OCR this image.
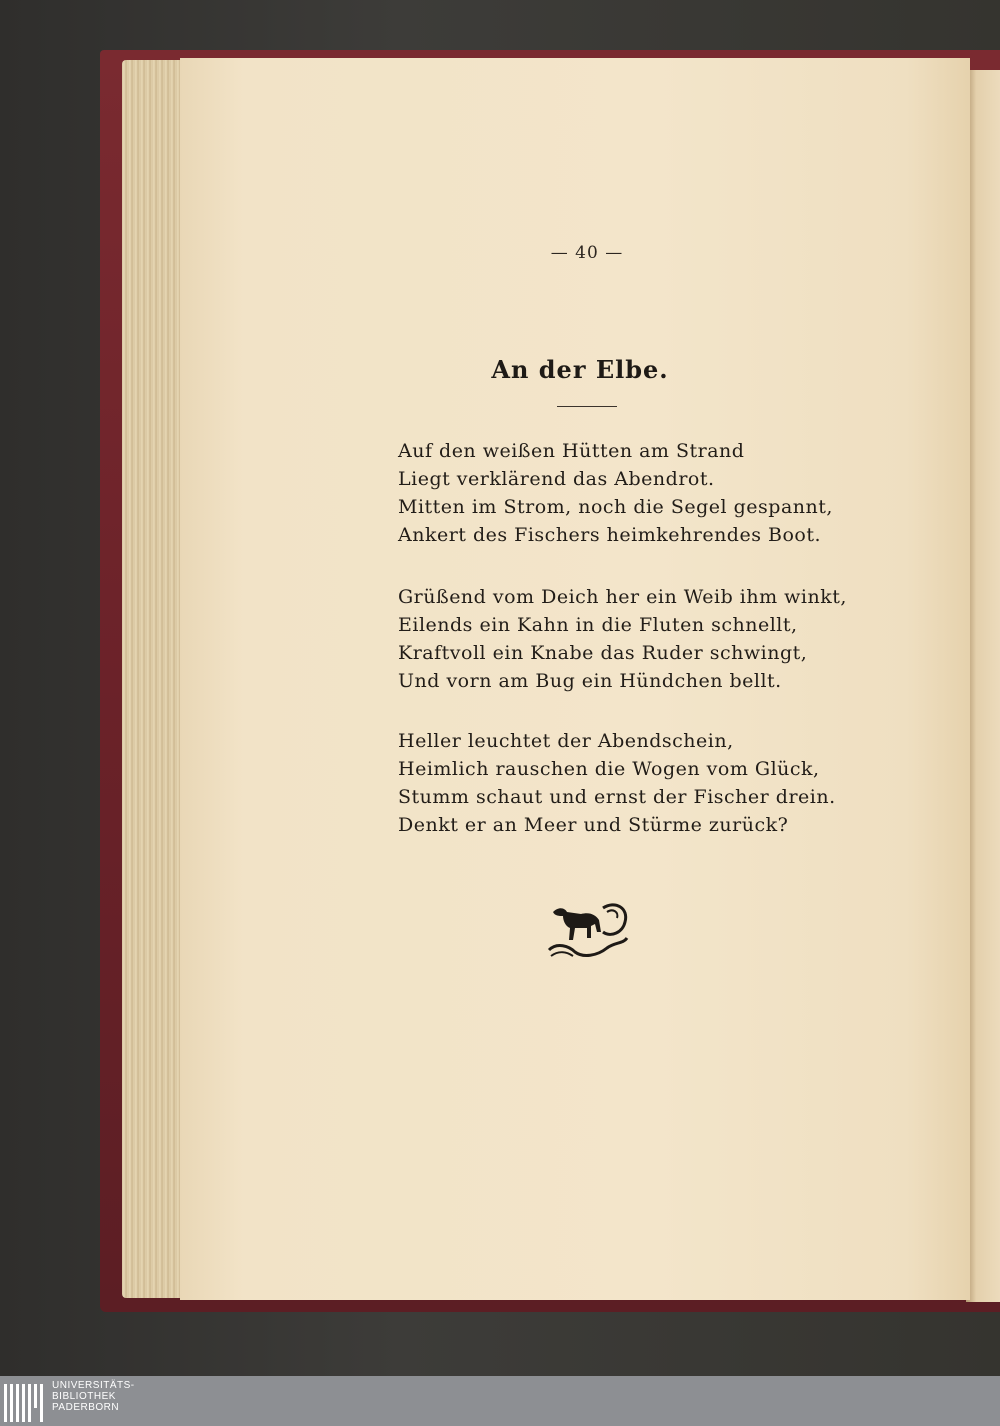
— 40 —
An der Elbe.
Auf den weißen Hütten am Strand
Liegt verklärend das Abendrot.
Mitten im Strom, noch die Segel gespannt,
Ankert des Fischers heimkehrendes Boot.
Grüßend vom Deich her ein Weib ihm winkt,
Eilends ein Kahn in die Fluten schnellt,
Kraftvoll ein Knabe das Ruder schwingt,
Und vorn am Bug ein Hündchen bellt.
Heller leuchtet der Abendschein,
Heimlich rauschen die Wogen vom Glück,
Stumm schaut und ernst der Fischer drein.
Denkt er an Meer und Stürme zurück?
UNIVERSITÄTS-
BIBLIOTHEK
PADERBORN
